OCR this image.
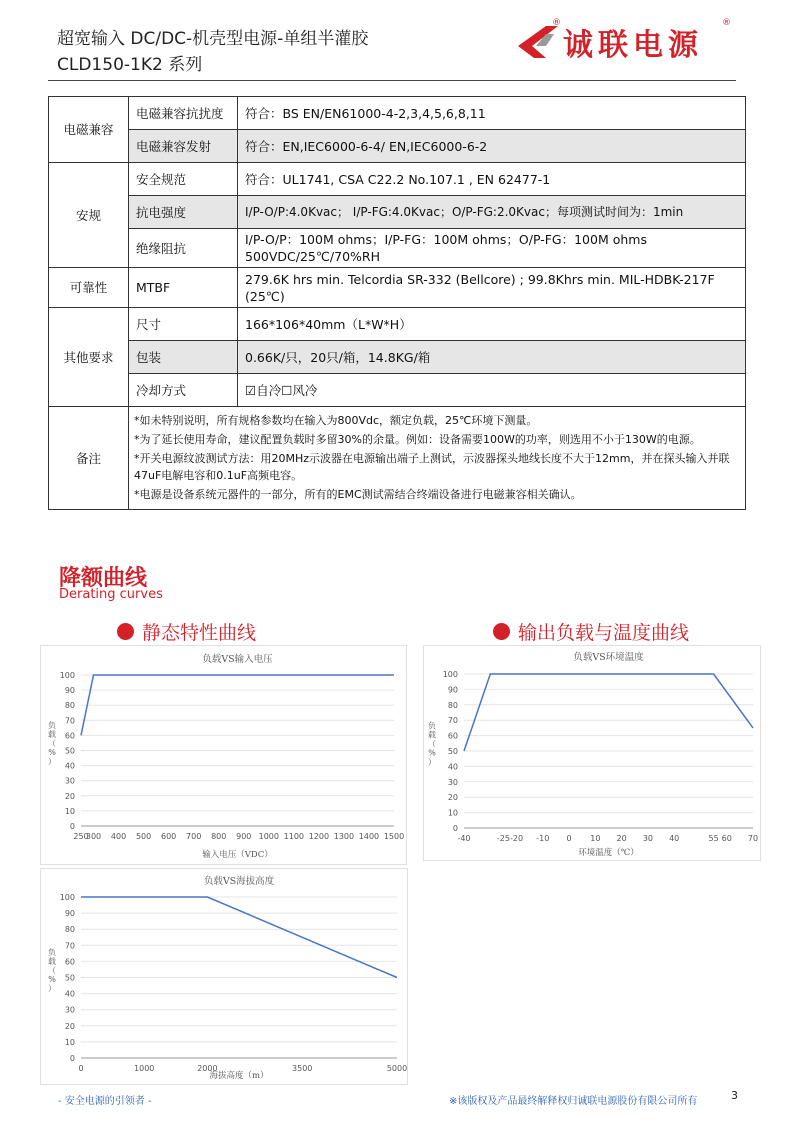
超宽输入 DC/DC-机壳型电源-单组半灌胶
CLD150-1K2 系列
®
诚联电源
®
电磁兼容	电磁兼容抗扰度	符合：BS EN/EN61000-4-2,3,4,5,6,8,11
	电磁兼容发射	符合：EN,IEC6000-6-4/ EN,IEC6000-6-2
安规	安全规范	符合：UL1741, CSA C22.2 No.107.1 , EN 62477-1
	抗电强度	I/P-O/P:4.0Kvac； I/P-FG:4.0Kvac；O/P-FG:2.0Kvac；每项测试时间为：1min
	绝缘阻抗	I/P-O/P：100M ohms；I/P-FG：100M ohms；O/P-FG：100M ohms 500VDC/25℃/70%RH
可靠性	MTBF	279.6K hrs min. Telcordia SR-332 (Bellcore) ; 99.8Khrs min. MIL-HDBK-217F (25℃)
其他要求	尺寸	166*106*40mm（L*W*H）
	包装	0.66K/只，20只/箱，14.8KG/箱
	冷却方式	☑自冷☐风冷
备注	*如未特别说明，所有规格参数均在输入为800Vdc，额定负载，25℃环境下测量。

*为了延长使用寿命，建议配置负载时多留30%的余量。例如：设备需要100W的功率，则选用不小于130W的电源。

*开关电源纹波测试方法：用20MHz示波器在电源输出端子上测试，示波器探头地线长度不大于12mm，并在探头输入并联47uF电解电容和0.1uF高频电容。

*电源是设备系统元器件的一部分，所有的EMC测试需结合终端设备进行电磁兼容相关确认。	

降额曲线
Derating curves
静态特性曲线	输出负载与温度曲线
负载VS输入电压
0
10
20
30
40
50
60
70
80
90
100
250
300 400 500 600 700 800 900 1000 1100 1200 1300 1400 1500
输入电压（VDC）
负
载
（
%
）
负载VS环境温度
0
10
20
30
40
50
60
70
80
90
100
-40	-25 -20 -10 0 10 20 30 40	55 60 70
环境温度（℃）
负
载
（
%
）
负载VS海拔高度
0
10
20
30
40
50
60
70
80
90
100
0	1000	2000	3500	5000
海拔高度（m）
负
载
（
%
）
- 安全电源的引领者 -	※该版权及产品最终解释权归诚联电源股份有限公司所有	3
